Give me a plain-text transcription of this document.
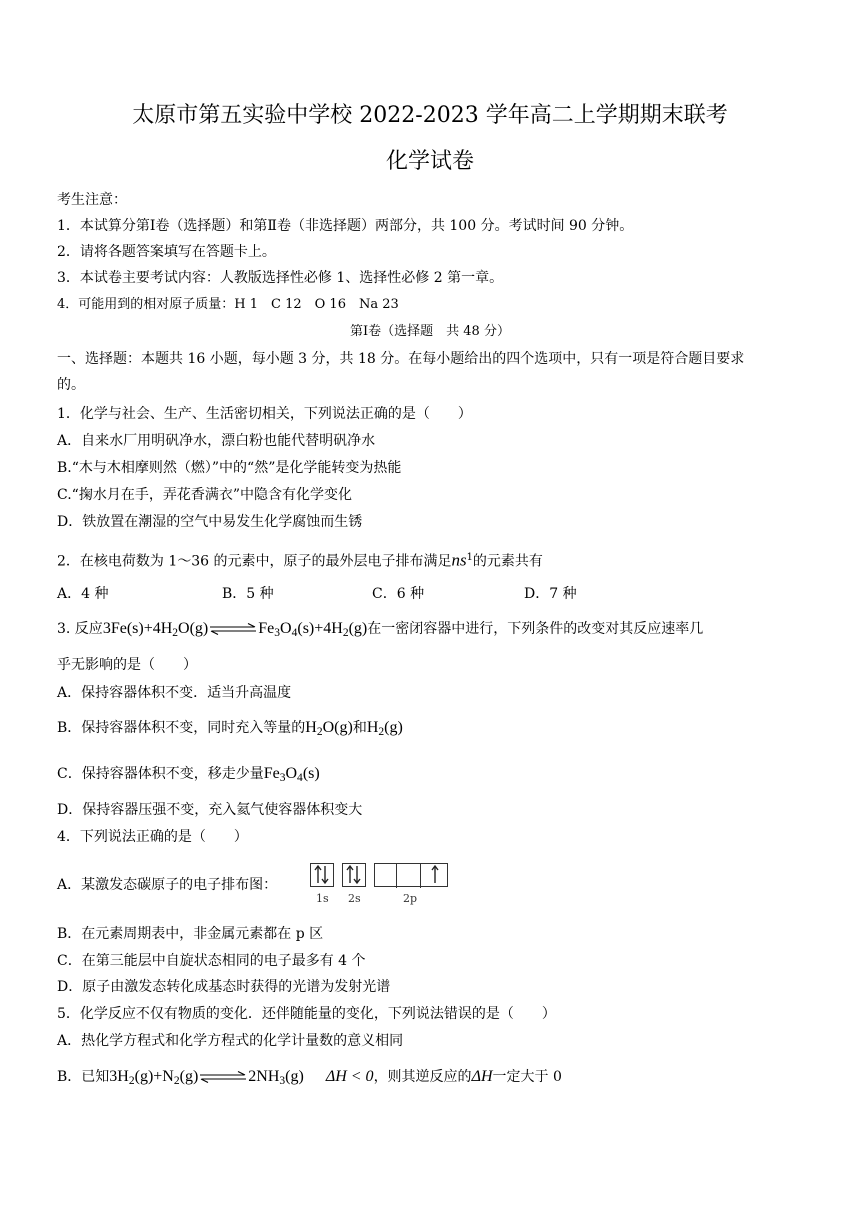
太原市第五实验中学校 2022-2023 学年高二上学期期末联考
化学试卷
考生注意：
1．本试算分第Ⅰ卷（选择题）和第Ⅱ卷（非选择题）两部分，共 100 分。考试时间 90 分钟。
2．请将各题答案填写在答题卡上。
3．本试卷主要考试内容：人教版选择性必修 1、选择性必修 2 第一章。
4．可能用到的相对原子质量：H 1　C 12　O 16　Na 23
第Ⅰ卷（选择题　共 48 分）
一、选择题：本题共 16 小题，每小题 3 分，共 18 分。在每小题给出的四个选项中，只有一项是符合题目要求
的。
1．化学与社会、生产、生活密切相关，下列说法正确的是（　　）
A．自来水厂用明矾净水，漂白粉也能代替明矾净水
B.“木与木相摩则然（燃）”中的“然”是化学能转变为热能
C.“掬水月在手，弄花香满衣”中隐含有化学变化
D．铁放置在潮湿的空气中易发生化学腐蚀而生锈
2．在核电荷数为 1～36 的元素中，原子的最外层电子排布满足$ns^1$的元素共有
A．4 种	B．5 种	C．6 种	D．7 种
3. 反应$3Fe(s)+4H_2O(g)\rightleftharpoons Fe_3O_4(s)+4H_2(g)$在一密闭容器中进行，下列条件的改变对其反应速率几
乎无影响的是（　　）
A．保持容器体积不变．适当升高温度
B．保持容器体积不变，同时充入等量的$H_2O(g)$和$H_2(g)$
C．保持容器体积不变，移走少量$Fe_3O_4(s)$
D．保持容器压强不变，充入氦气使容器体积变大
4．下列说法正确的是（　　）
A．某激发态碳原子的电子排布图：
1s 2s	2p
B．在元素周期表中，非金属元素都在 p 区
C．在第三能层中自旋状态相同的电子最多有 4 个
D．原子由激发态转化成基态时获得的光谱为发射光谱
5．化学反应不仅有物质的变化．还伴随能量的变化，下列说法错误的是（　　）
A．热化学方程式和化学方程式的化学计量数的意义相同
B．已知$3H_2(g)+N_2(g)\rightleftharpoons 2NH_3(g) \Delta H < 0$，则其逆反应的ΔH一定大于 0
